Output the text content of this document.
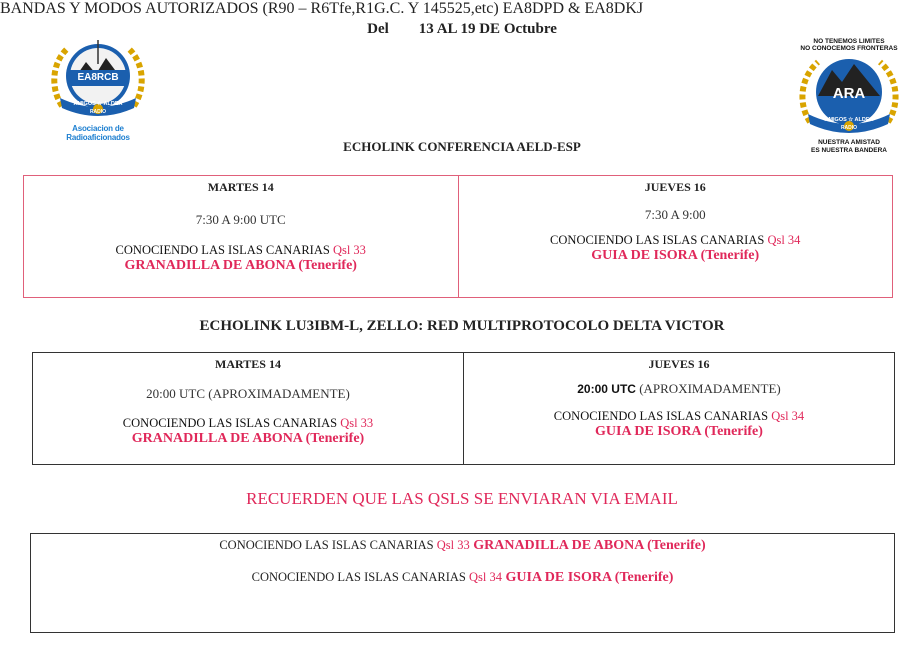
Del 13 AL 19 DE Octubre
EA8RCB
AMIGOS ☆ ALDEA
RADIO
Asociacion de Radioaficionados
NO TENEMOS LIMITES
NO CONOCEMOS FRONTERAS
ARA
AMIGOS ☆ ALDEA
RADIO
NUESTRA AMISTAD
ES NUESTRA BANDERA
ECHOLINK CONFERENCIA AELD-ESP
MARTES 14
7:30 A 9:00 UTC
CONOCIENDO LAS ISLAS CANARIAS Qsl 33
GRANADILLA DE ABONA (Tenerife)

JUEVES 16
7:30 A 9:00
CONOCIENDO LAS ISLAS CANARIAS Qsl 34
GUIA DE ISORA (Tenerife)
ECHOLINK LU3IBM-L, ZELLO: RED MULTIPROTOCOLO DELTA VICTOR
MARTES 14
20:00 UTC (APROXIMADAMENTE)
CONOCIENDO LAS ISLAS CANARIAS Qsl 33
GRANADILLA DE ABONA (Tenerife)

JUEVES 16
20:00 UTC (APROXIMADAMENTE)
CONOCIENDO LAS ISLAS CANARIAS Qsl 34
GUIA DE ISORA (Tenerife)
RECUERDEN QUE LAS QSLS SE ENVIARAN VIA EMAIL
BANDAS Y MODOS AUTORIZADOS (R90 – R6Tfe,R1G.C. Y 145525,etc) EA8DPD & EA8DKJ
CONOCIENDO LAS ISLAS CANARIAS Qsl 33 GRANADILLA DE ABONA (Tenerife)
CONOCIENDO LAS ISLAS CANARIAS Qsl 34 GUIA DE ISORA (Tenerife)
